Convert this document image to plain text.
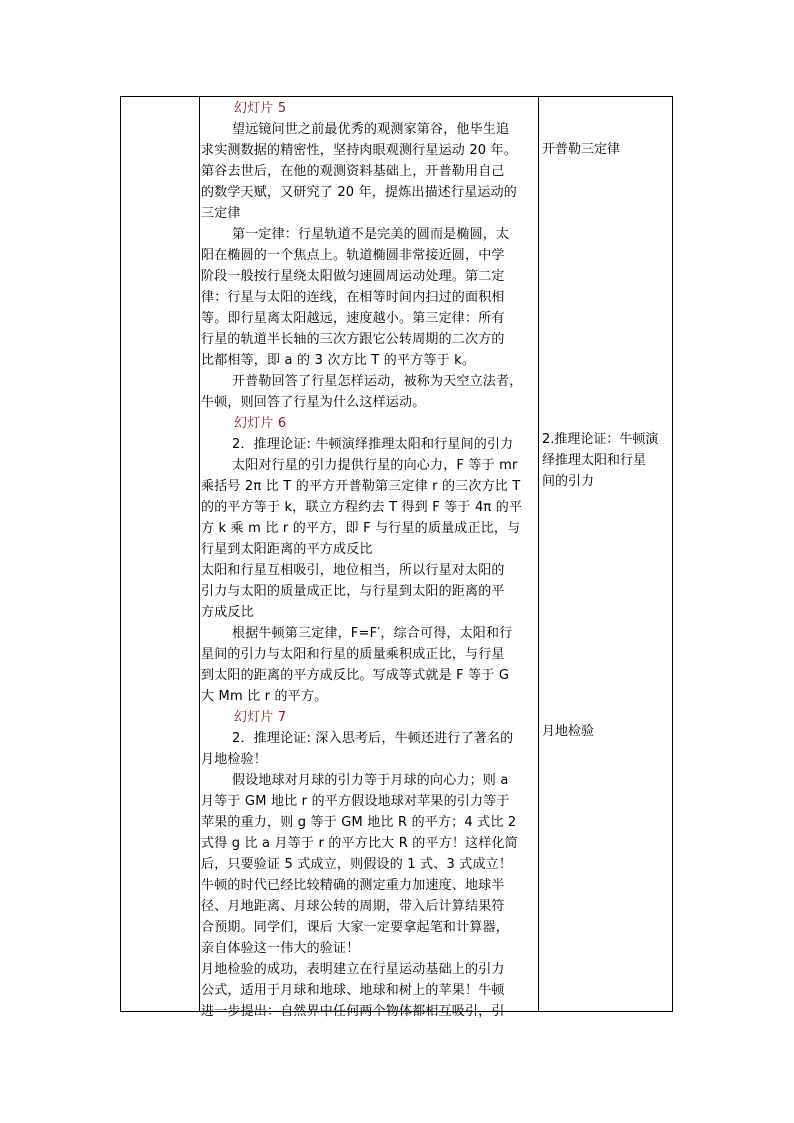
幻灯片 5
望远镜问世之前最优秀的观测家第谷，他毕生追
求实测数据的精密性，坚持肉眼观测行星运动 20 年。
第谷去世后，在他的观测资料基础上，开普勒用自己
的数学天赋，又研究了 20 年，提炼出描述行星运动的
三定律
第一定律：行星轨道不是完美的圆而是椭圆，太
阳在椭圆的一个焦点上。轨道椭圆非常接近圆，中学
阶段一般按行星绕太阳做匀速圆周运动处理。第二定
律：行星与太阳的连线，在相等时间内扫过的面积相
等。即行星离太阳越远，速度越小。第三定律：所有
行星的轨道半长轴的三次方跟它公转周期的二次方的
比都相等，即 a 的 3 次方比 T 的平方等于 k。
开普勒回答了行星怎样运动，被称为天空立法者，
牛顿，则回答了行星为什么这样运动。
幻灯片 6
2．推理论证: 牛顿演绎推理太阳和行星间的引力
太阳对行星的引力提供行星的向心力，F 等于 mr
乘括号 2π 比 T 的平方开普勒第三定律 r 的三次方比 T
的的平方等于 k，联立方程约去 T 得到 F 等于 4π 的平
方 k 乘 m 比 r 的平方，即 F 与行星的质量成正比，与
行星到太阳距离的平方成反比
太阳和行星互相吸引，地位相当，所以行星对太阳的
引力与太阳的质量成正比，与行星到太阳的距离的平
方成反比
根据牛顿第三定律，F=F′，综合可得，太阳和行
星间的引力与太阳和行星的质量乘积成正比，与行星
到太阳的距离的平方成反比。写成等式就是 F 等于 G
大 Mm 比 r 的平方。
幻灯片 7
2．推理论证: 深入思考后，牛顿还进行了著名的
月地检验！
假设地球对月球的引力等于月球的向心力；则 a
月等于 GM 地比 r 的平方假设地球对苹果的引力等于
苹果的重力，则 g 等于 GM 地比 R 的平方；4 式比 2
式得 g 比 a 月等于 r 的平方比大 R 的平方！这样化简
后，只要验证 5 式成立，则假设的 1 式、3 式成立！
牛顿的时代已经比较精确的测定重力加速度、地球半
径、月地距离、月球公转的周期，带入后计算结果符
合预期。同学们，课后 大家一定要拿起笔和计算器，
亲自体验这一伟大的验证！
月地检验的成功，表明建立在行星运动基础上的引力
公式，适用于月球和地球、地球和树上的苹果！牛顿
进一步提出：自然界中任何两个物体都相互吸引，引
开普勒三定律
2.推理论证：牛顿演
绎推理太阳和行星
间的引力
月地检验
